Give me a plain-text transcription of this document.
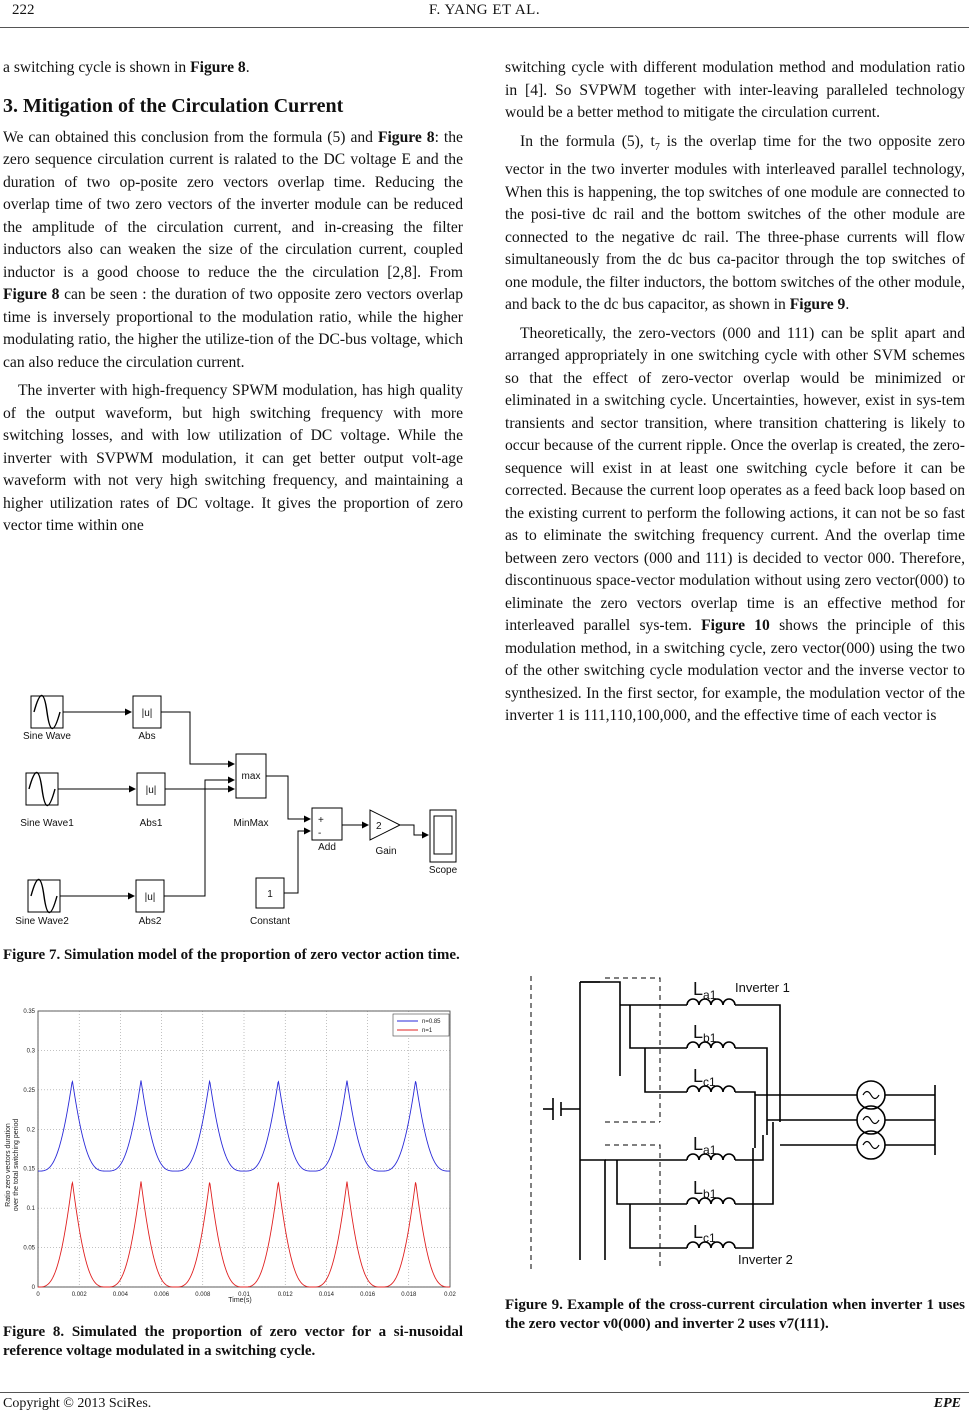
222	F. YANG ET AL.

a switching cycle is shown in Figure 8.

3. Mitigation of the Circulation Current

We can obtained this conclusion from the formula (5) and Figure 8: the zero sequence circulation current is ralated to the DC voltage E and the duration of two op-posite zero vectors overlap time. Reducing the overlap time of two zero vectors of the inverter module can be reduced the amplitude of the circulation current, and in-creasing the filter inductors also can weaken the size of the circulation current, coupled inductor is a good choose to reduce the the circulation [2,8]. From Figure 8 can be seen : the duration of two opposite zero vectors overlap time is inversely proportional to the modulation ratio, while the higher modulating ratio, the higher the utilize-tion of the DC-bus voltage, which can also reduce the circulation current.

The inverter with high-frequency SPWM modulation, has high quality of the output waveform, but high switching frequency with more switching losses, and with low utilization of DC voltage. While the inverter with SVPWM modulation, it can get better output volt-age waveform with not very high switching frequency, and maintaining a higher utilization rates of DC voltage. It gives the proportion of zero vector time within one

|u|
|u|
|u|
max
+
-
2
1
Sine Wave	Abs
Sine Wave1	Abs1	MinMax
Add	Gain
Scope
Sine Wave2	Abs2	Constant
Figure 7. Simulation model of the proportion of zero vector action time.
0	0.002	0.004	0.006	0.008	0.01	0.012	0.014	0.016	0.018	0.02
0
0.05
0.1
0.15
0.2
0.25
0.3
0.35
Time(s)
Ratio zero vectors duration over the total switching period
n=0.85
n=1
Figure 8. Simulated the proportion of zero vector for a si-nusoidal reference voltage modulated in a switching cycle.

switching cycle with different modulation method and modulation ratio in [4]. So SVPWM together with inter-leaving paralleled technology would be a better method to mitigate the circulation current.

In the formula (5), $t_7$ is the overlap time for the two opposite zero vector in the two inverter modules with interleaved parallel technology, When this is happening, the top switches of one module are connected to the posi-tive dc rail and the bottom switches of the other module are connected to the negative dc rail. The three-phase currents will flow simultaneously from the dc bus ca-pacitor through the top switches of one module, the filter inductors, the bottom switches of the other module, and back to the dc bus capacitor, as shown in Figure 9.

Theoretically, the zero-vectors (000 and 111) can be split apart and arranged appropriately in one switching cycle with other SVM schemes so that the effect of zero-vector overlap would be minimized or eliminated in a switching cycle. Uncertainties, however, exist in sys-tem transients and sector transition, where transition chattering is likely to occur because of the current ripple. Once the overlap is created, the zero-sequence will exist in at least one switching cycle before it can be corrected. Because the current loop operates as a feed back loop based on the existing current to perform the following actions, it can not be so fast as to eliminate the switching frequency current. And the overlap time between zero vectors (000 and 111) is decided to vector 000. Therefore, discontinuous space-vector modulation without using zero vector(000) to eliminate the zero vectors overlap time is an effective method for interleaved parallel sys-tem. Figure 10 shows the principle of this modulation method, in a switching cycle, zero vector(000) using the two of the other switching cycle modulation vector and the inverse vector to synthesized. In the first sector, for example, the modulation vector of the inverter 1 is 111,110,100,000, and the effective time of each vector is

$L_{a1}$
$L_{b1}$
$L_{c1}$
$L_{a1}$
$L_{b1}$
$L_{c1}$
Inverter 1
Inverter 2
Figure 9. Example of the cross-current circulation when inverter 1 uses the zero vector v0(000) and inverter 2 uses v7(111).
Copyright © 2013 SciRes.	EPE
